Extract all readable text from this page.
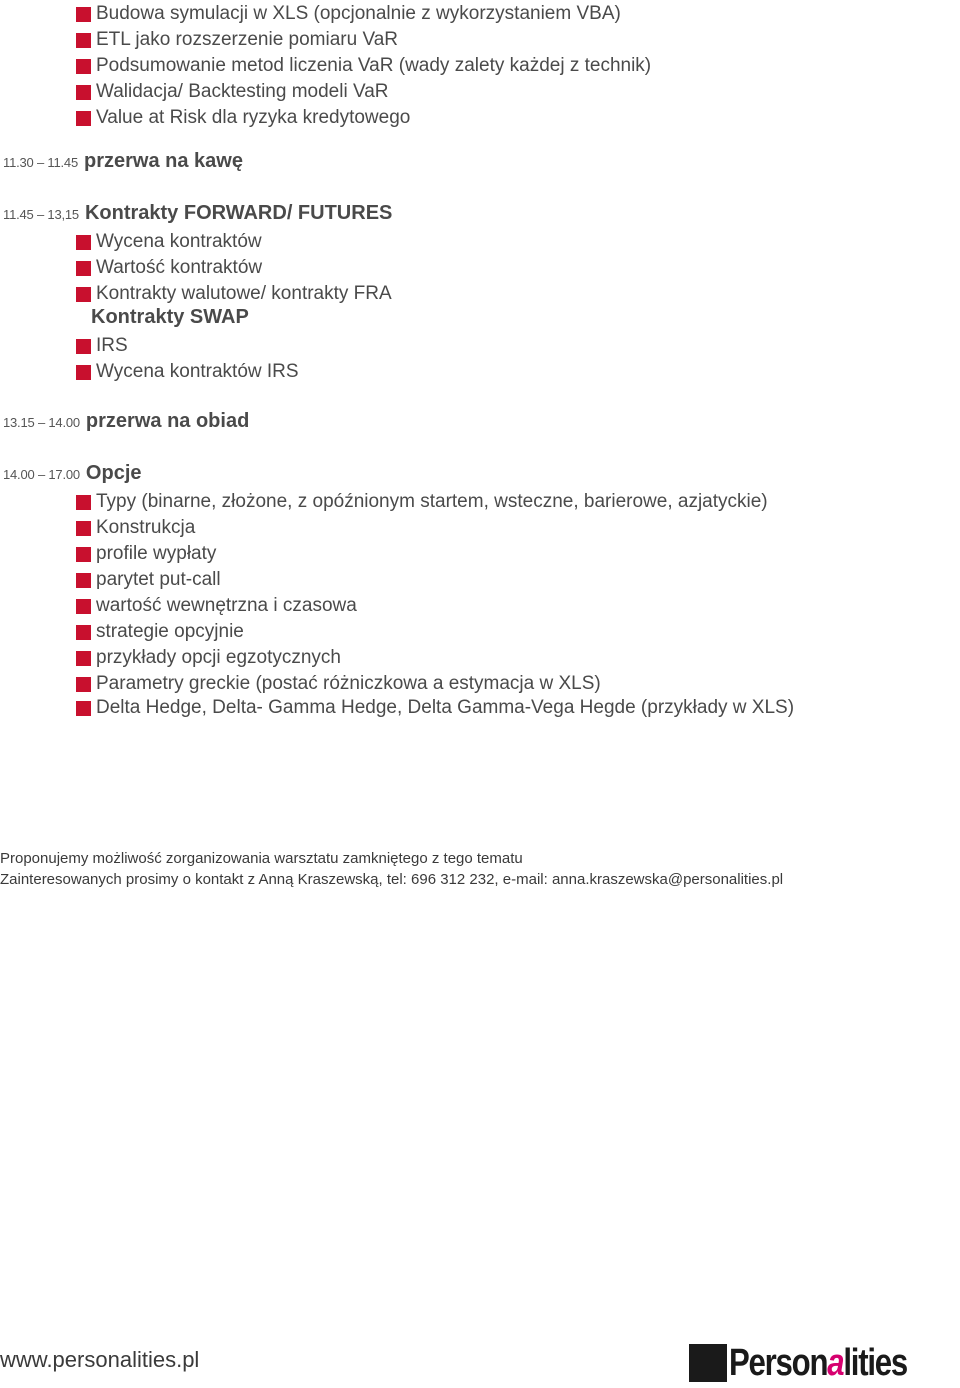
Budowa symulacji w XLS (opcjonalnie z wykorzystaniem VBA)
ETL jako rozszerzenie pomiaru VaR
Podsumowanie metod liczenia VaR (wady zalety każdej z technik)
Walidacja/ Backtesting modeli VaR
Value at Risk dla ryzyka kredytowego
11.30 – 11.45 przerwa na kawę
11.45 – 13,15 Kontrakty FORWARD/ FUTURES
Wycena kontraktów
Wartość kontraktów
Kontrakty walutowe/ kontrakty FRA
Kontrakty SWAP
IRS
Wycena kontraktów IRS
13.15 – 14.00 przerwa na obiad
14.00 – 17.00 Opcje
Typy (binarne, złożone, z opóźnionym startem, wsteczne, barierowe, azjatyckie)
Konstrukcja
profile wypłaty
parytet put-call
wartość wewnętrzna i czasowa
strategie opcyjnie
przykłady opcji egzotycznych
Parametry greckie (postać różniczkowa a estymacja w XLS)
Delta Hedge, Delta- Gamma Hedge, Delta Gamma-Vega Hegde (przykłady w XLS)
Proponujemy możliwość zorganizowania warsztatu zamkniętego z tego tematu
Zainteresowanych prosimy o kontakt z Anną Kraszewską, tel: 696 312 232, e-mail: anna.kraszewska@personalities.pl
www.personalities.pl	Personalities
